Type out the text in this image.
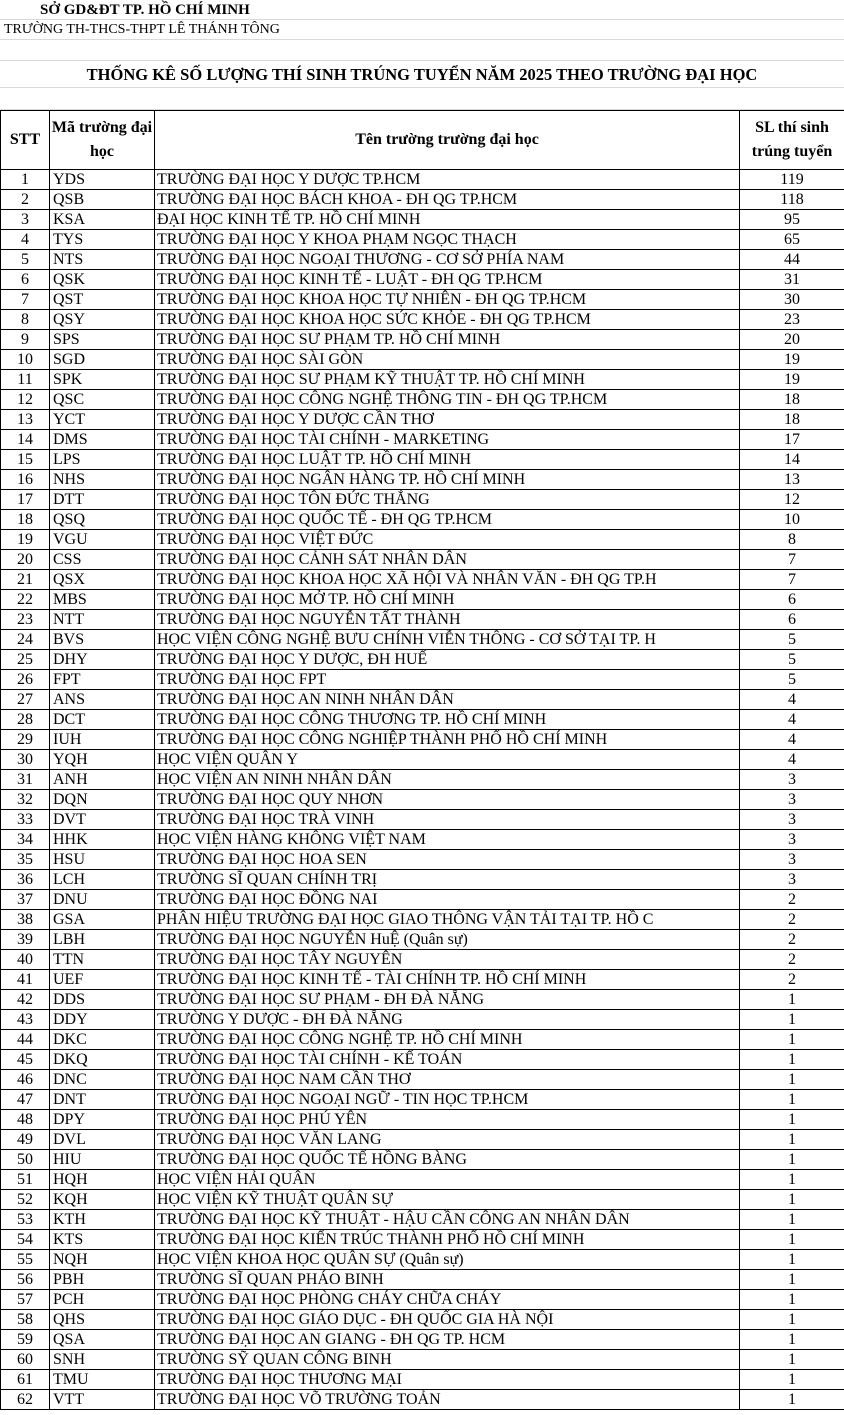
SỞ GD&ĐT TP. HỒ CHÍ MINH
TRƯỜNG TH-THCS-THPT LÊ THÁNH TÔNG
THỐNG KÊ SỐ LƯỢNG THÍ SINH TRÚNG TUYỂN NĂM 2025 THEO TRƯỜNG ĐẠI HỌC
STT	Mã trường đại học	Tên trường trường đại học	SL thí sinh trúng tuyển
1	YDS	TRƯỜNG ĐẠI HỌC Y DƯỢC TP.HCM	119
2	QSB	TRƯỜNG ĐẠI HỌC BÁCH KHOA - ĐH QG TP.HCM	118
3	KSA	ĐẠI HỌC KINH TẾ TP. HỒ CHÍ MINH	95
4	TYS	TRƯỜNG ĐẠI HỌC Y KHOA PHẠM NGỌC THẠCH	65
5	NTS	TRƯỜNG ĐẠI HỌC NGOẠI THƯƠNG - CƠ SỞ PHÍA NAM	44
6	QSK	TRƯỜNG ĐẠI HỌC KINH TẾ - LUẬT - ĐH QG TP.HCM	31
7	QST	TRƯỜNG ĐẠI HỌC KHOA HỌC TỰ NHIÊN - ĐH QG TP.HCM	30
8	QSY	TRƯỜNG ĐẠI HỌC KHOA HỌC SỨC KHỎE - ĐH QG TP.HCM	23
9	SPS	TRƯỜNG ĐẠI HỌC SƯ PHẠM TP. HỒ CHÍ MINH	20
10	SGD	TRƯỜNG ĐẠI HỌC SÀI GÒN	19
11	SPK	TRƯỜNG ĐẠI HỌC SƯ PHẠM KỸ THUẬT TP. HỒ CHÍ MINH	19
12	QSC	TRƯỜNG ĐẠI HỌC CÔNG NGHỆ THÔNG TIN - ĐH QG TP.HCM	18
13	YCT	TRƯỜNG ĐẠI HỌC Y DƯỢC CẦN THƠ	18
14	DMS	TRƯỜNG ĐẠI HỌC TÀI CHÍNH - MARKETING	17
15	LPS	TRƯỜNG ĐẠI HỌC LUẬT TP. HỒ CHÍ MINH	14
16	NHS	TRƯỜNG ĐẠI HỌC NGÂN HÀNG TP. HỒ CHÍ MINH	13
17	DTT	TRƯỜNG ĐẠI HỌC TÔN ĐỨC THẮNG	12
18	QSQ	TRƯỜNG ĐẠI HỌC QUỐC TẾ - ĐH QG TP.HCM	10
19	VGU	TRƯỜNG ĐẠI HỌC VIỆT ĐỨC	8
20	CSS	TRƯỜNG ĐẠI HỌC CẢNH SÁT NHÂN DÂN	7
21	QSX	TRƯỜNG ĐẠI HỌC KHOA HỌC XÃ HỘI VÀ NHÂN VĂN - ĐH QG TP.H	7
22	MBS	TRƯỜNG ĐẠI HỌC MỞ TP. HỒ CHÍ MINH	6
23	NTT	TRƯỜNG ĐẠI HỌC NGUYỄN TẤT THÀNH	6
24	BVS	HỌC VIỆN CÔNG NGHỆ BƯU CHÍNH VIỄN THÔNG - CƠ SỞ TẠI TP. H	5
25	DHY	TRƯỜNG ĐẠI HỌC Y DƯỢC, ĐH HUẾ	5
26	FPT	TRƯỜNG ĐẠI HỌC FPT	5
27	ANS	TRƯỜNG ĐẠI HỌC AN NINH NHÂN DÂN	4
28	DCT	TRƯỜNG ĐẠI HỌC CÔNG THƯƠNG TP. HỒ CHÍ MINH	4
29	IUH	TRƯỜNG ĐẠI HỌC CÔNG NGHIỆP THÀNH PHỐ HỒ CHÍ MINH	4
30	YQH	HỌC VIỆN QUÂN Y	4
31	ANH	HỌC VIỆN AN NINH NHÂN DÂN	3
32	DQN	TRƯỜNG ĐẠI HỌC QUY NHƠN	3
33	DVT	TRƯỜNG ĐẠI HỌC TRÀ VINH	3
34	HHK	HỌC VIỆN HÀNG KHÔNG VIỆT NAM	3
35	HSU	TRƯỜNG ĐẠI HỌC HOA SEN	3
36	LCH	TRƯỜNG SĨ QUAN CHÍNH TRỊ	3
37	DNU	TRƯỜNG ĐẠI HỌC ĐỒNG NAI	2
38	GSA	PHÂN HIỆU TRƯỜNG ĐẠI HỌC GIAO THÔNG VẬN TẢI TẠI TP. HỒ C	2
39	LBH	TRƯỜNG ĐẠI HỌC NGUYỄN HuỆ (Quân sự)	2
40	TTN	TRƯỜNG ĐẠI HỌC TÂY NGUYÊN	2
41	UEF	TRƯỜNG ĐẠI HỌC KINH TẾ - TÀI CHÍNH TP. HỒ CHÍ MINH	2
42	DDS	TRƯỜNG ĐẠI HỌC SƯ PHẠM - ĐH ĐÀ NẴNG	1
43	DDY	TRƯỜNG Y DƯỢC - ĐH ĐÀ NẴNG	1
44	DKC	TRƯỜNG ĐẠI HỌC CÔNG NGHỆ TP. HỒ CHÍ MINH	1
45	DKQ	TRƯỜNG ĐẠI HỌC TÀI CHÍNH - KẾ TOÁN	1
46	DNC	TRƯỜNG ĐẠI HỌC NAM CẦN THƠ	1
47	DNT	TRƯỜNG ĐẠI HỌC NGOẠI NGỮ - TIN HỌC TP.HCM	1
48	DPY	TRƯỜNG ĐẠI HỌC PHÚ YÊN	1
49	DVL	TRƯỜNG ĐẠI HỌC VĂN LANG	1
50	HIU	TRƯỜNG ĐẠI HỌC QUỐC TẾ HỒNG BÀNG	1
51	HQH	HỌC VIỆN HẢI QUÂN	1
52	KQH	HỌC VIỆN KỸ THUẬT QUÂN SỰ	1
53	KTH	TRƯỜNG ĐẠI HỌC KỸ THUẬT - HẬU CẦN CÔNG AN NHÂN DÂN	1
54	KTS	TRƯỜNG ĐẠI HỌC KIẾN TRÚC THÀNH PHỐ HỒ CHÍ MINH	1
55	NQH	HỌC VIỆN KHOA HỌC QUÂN SỰ (Quân sự)	1
56	PBH	TRƯỜNG SĨ QUAN PHÁO BINH	1
57	PCH	TRƯỜNG ĐẠI HỌC PHÒNG CHÁY CHỮA CHÁY	1
58	QHS	TRƯỜNG ĐẠI HỌC GIÁO DỤC - ĐH QUỐC GIA HÀ NỘI	1
59	QSA	TRƯỜNG ĐẠI HỌC AN GIANG - ĐH QG TP. HCM	1
60	SNH	TRƯỜNG SỸ QUAN CÔNG BINH	1
61	TMU	TRƯỜNG ĐẠI HỌC THƯƠNG MẠI	1
62	VTT	TRƯỜNG ĐẠI HỌC VÕ TRƯỜNG TOẢN	1
